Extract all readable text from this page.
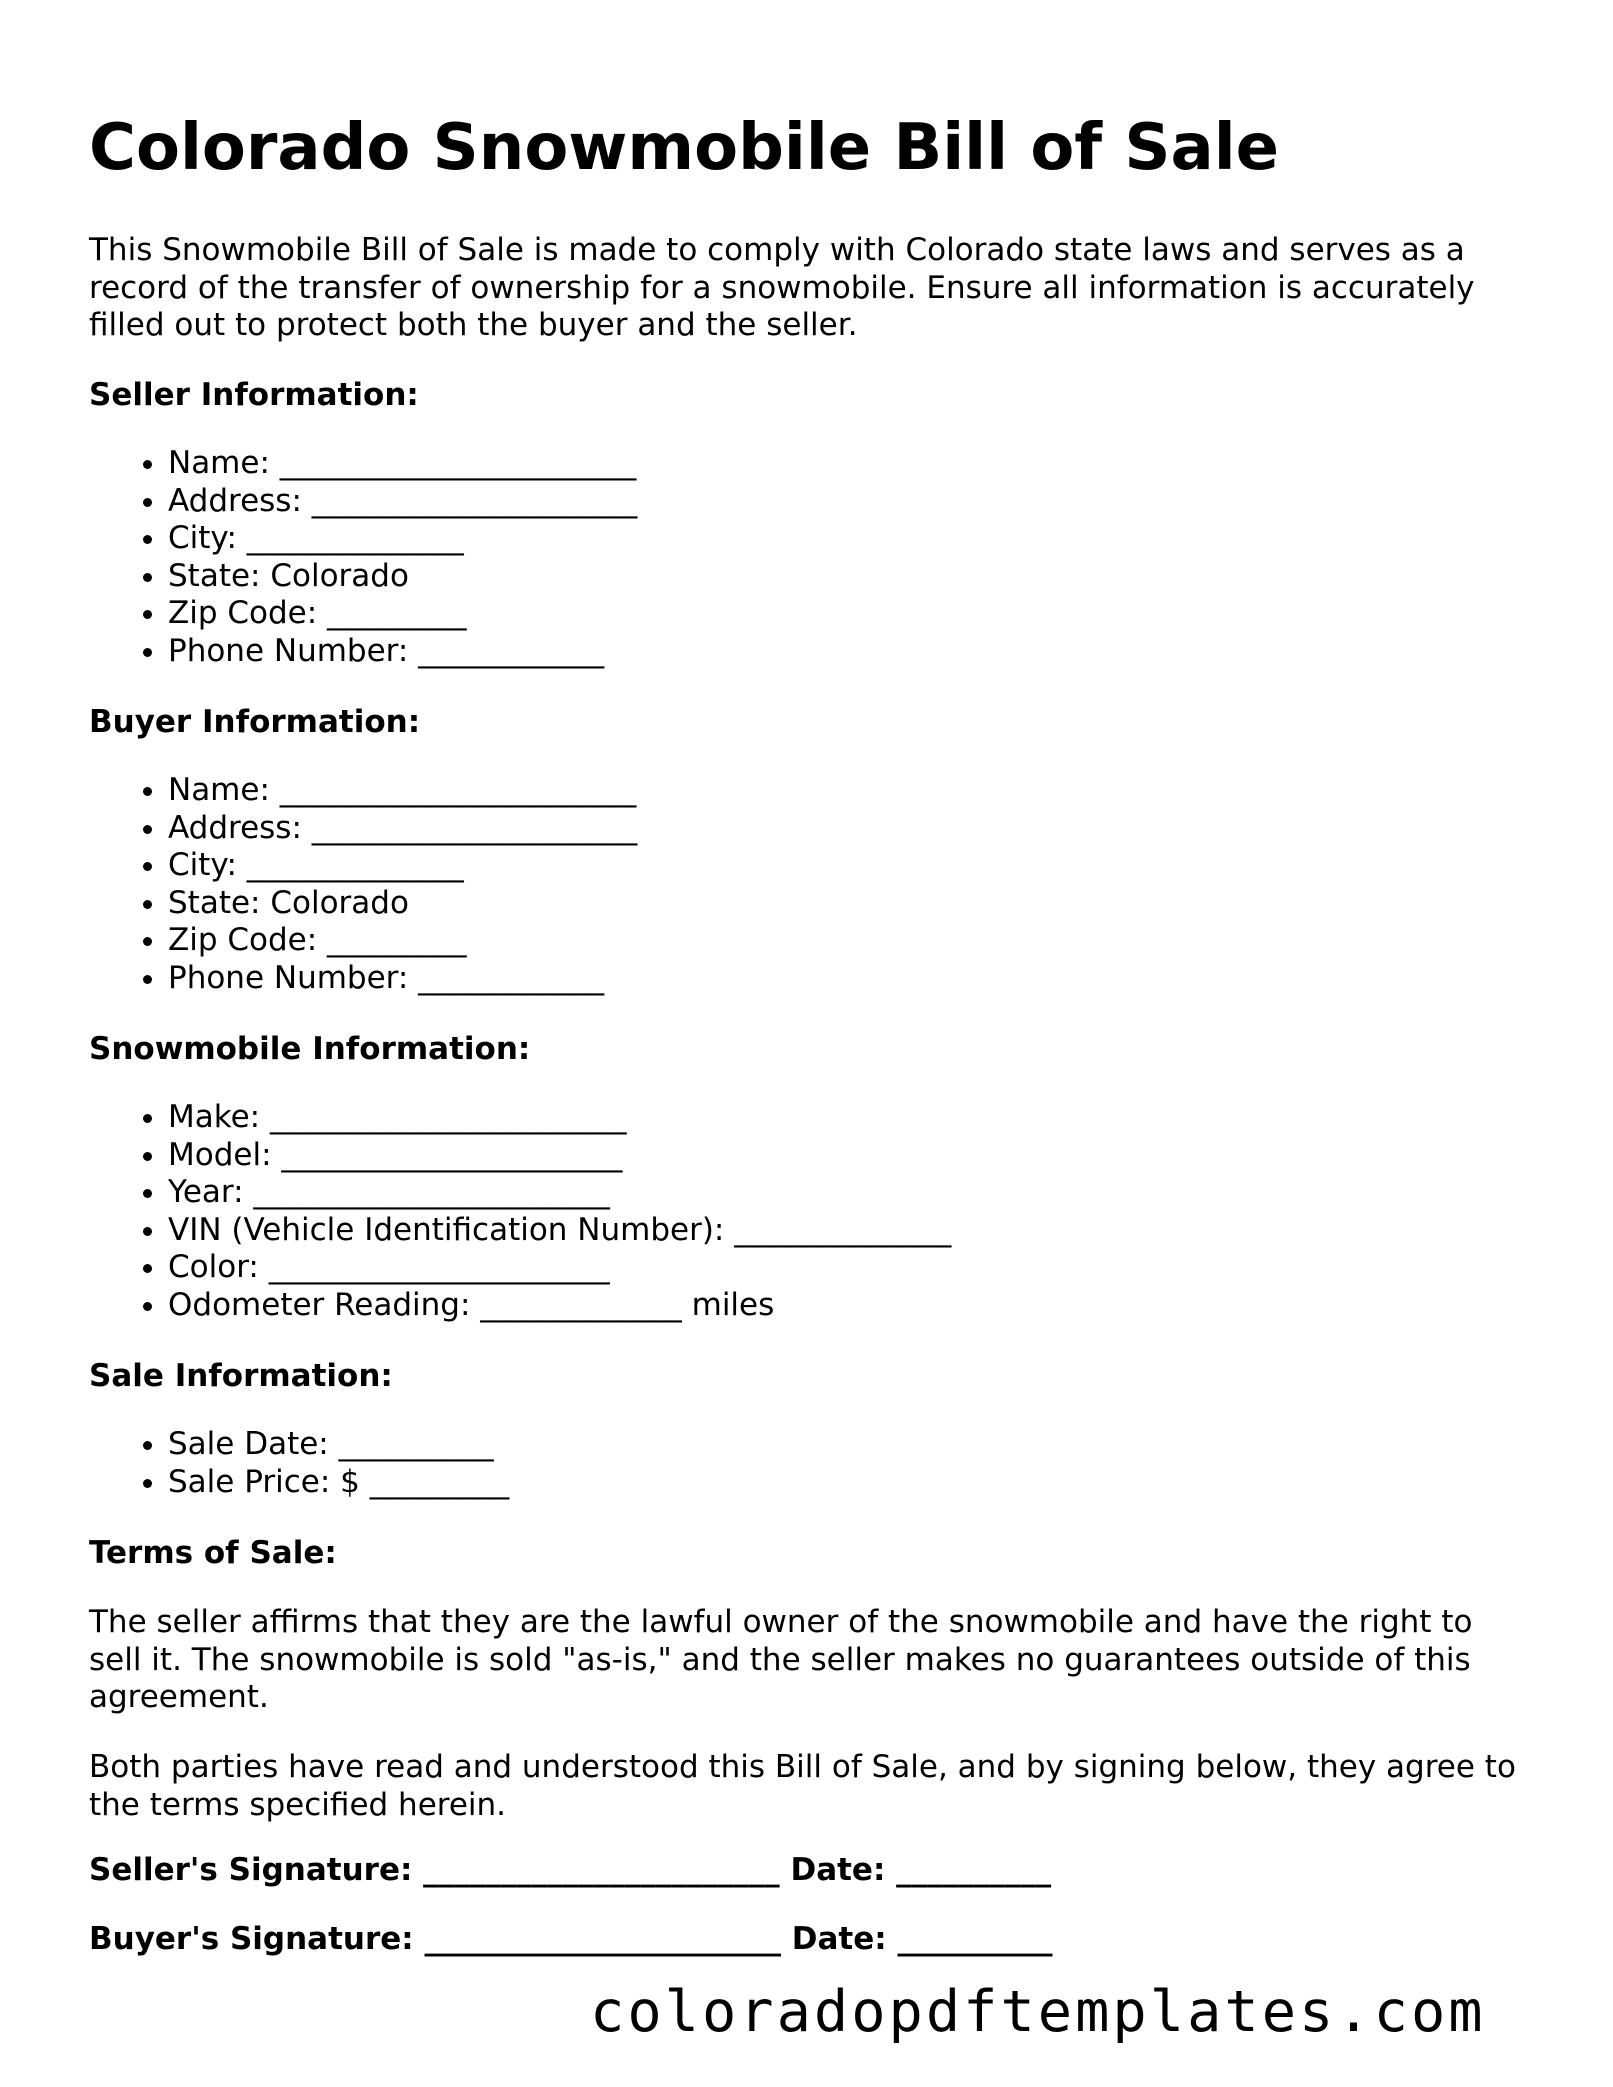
Colorado Snowmobile Bill of Sale

This Snowmobile Bill of Sale is made to comply with Colorado state laws and serves as a record of the transfer of ownership for a snowmobile. Ensure all information is accurately filled out to protect both the buyer and the seller.

Seller Information:

• Name: _______________________
• Address: _____________________
• City: ______________
• State: Colorado
• Zip Code: _________
• Phone Number: ____________

Buyer Information:

• Name: _______________________
• Address: _____________________
• City: ______________
• State: Colorado
• Zip Code: _________
• Phone Number: ____________

Snowmobile Information:

• Make: _______________________
• Model: ______________________
• Year: _______________________
• VIN (Vehicle Identification Number): ______________
• Color: ______________________
• Odometer Reading: _____________ miles

Sale Information:

• Sale Date: __________
• Sale Price: $ _________

Terms of Sale:

The seller affirms that they are the lawful owner of the snowmobile and have the right to sell it. The snowmobile is sold "as-is," and the seller makes no guarantees outside of this agreement.

Both parties have read and understood this Bill of Sale, and by signing below, they agree to the terms specified herein.

Seller's Signature: _______________________ Date: __________

Buyer's Signature: _______________________ Date: __________

coloradopdftemplates.com
